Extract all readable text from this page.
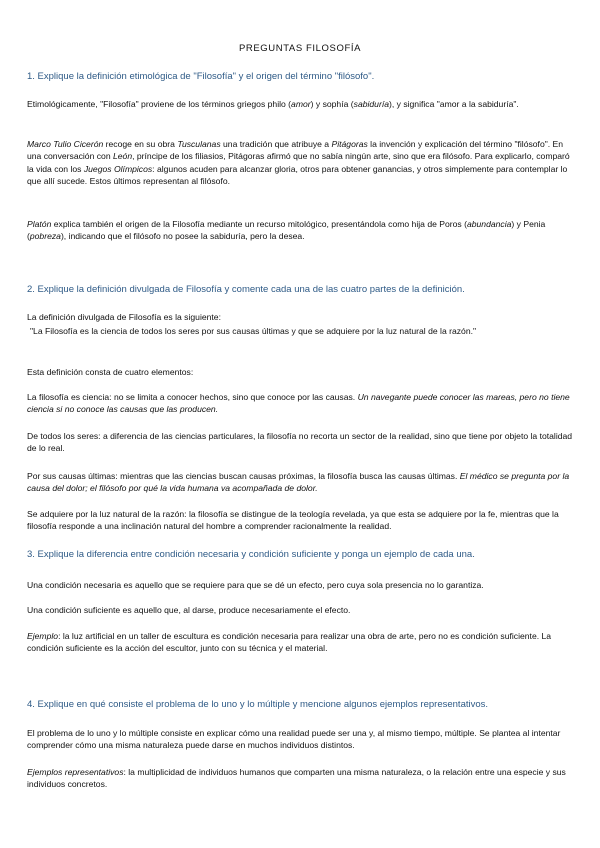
PREGUNTAS FILOSOFÍA
1. Explique la definición etimológica de "Filosofía" y el origen del término "filósofo".

Etimológicamente, "Filosofía" proviene de los términos griegos philo (amor) y sophía (sabiduría), y significa "amor a la sabiduría".

Marco Tulio Cicerón recoge en su obra Tusculanas una tradición que atribuye a Pitágoras la invención y explicación del término "filósofo". En una conversación con León, príncipe de los filiasios, Pitágoras afirmó que no sabía ningún arte, sino que era filósofo. Para explicarlo, comparó la vida con los Juegos Olímpicos: algunos acuden para alcanzar gloria, otros para obtener ganancias, y otros simplemente para contemplar lo que allí sucede. Estos últimos representan al filósofo.

Platón explica también el origen de la Filosofía mediante un recurso mitológico, presentándola como hija de Poros (abundancia) y Penia (pobreza), indicando que el filósofo no posee la sabiduría, pero la desea.

2. Explique la definición divulgada de Filosofía y comente cada una de las cuatro partes de la definición.

La definición divulgada de Filosofía es la siguiente:

"La Filosofía es la ciencia de todos los seres por sus causas últimas y que se adquiere por la luz natural de la razón."

Esta definición consta de cuatro elementos:

La filosofía es ciencia: no se limita a conocer hechos, sino que conoce por las causas. Un navegante puede conocer las mareas, pero no tiene ciencia si no conoce las causas que las producen.

De todos los seres: a diferencia de las ciencias particulares, la filosofía no recorta un sector de la realidad, sino que tiene por objeto la totalidad de lo real.

Por sus causas últimas: mientras que las ciencias buscan causas próximas, la filosofía busca las causas últimas. El médico se pregunta por la causa del dolor; el filósofo por qué la vida humana va acompañada de dolor.

Se adquiere por la luz natural de la razón: la filosofía se distingue de la teología revelada, ya que esta se adquiere por la fe, mientras que la filosofía responde a una inclinación natural del hombre a comprender racionalmente la realidad.

3. Explique la diferencia entre condición necesaria y condición suficiente y ponga un ejemplo de cada una.

Una condición necesaria es aquello que se requiere para que se dé un efecto, pero cuya sola presencia no lo garantiza.

Una condición suficiente es aquello que, al darse, produce necesariamente el efecto.

Ejemplo: la luz artificial en un taller de escultura es condición necesaria para realizar una obra de arte, pero no es condición suficiente. La condición suficiente es la acción del escultor, junto con su técnica y el material.

4. Explique en qué consiste el problema de lo uno y lo múltiple y mencione algunos ejemplos representativos.

El problema de lo uno y lo múltiple consiste en explicar cómo una realidad puede ser una y, al mismo tiempo, múltiple. Se plantea al intentar comprender cómo una misma naturaleza puede darse en muchos individuos distintos.

Ejemplos representativos: la multiplicidad de individuos humanos que comparten una misma naturaleza, o la relación entre una especie y sus individuos concretos.
